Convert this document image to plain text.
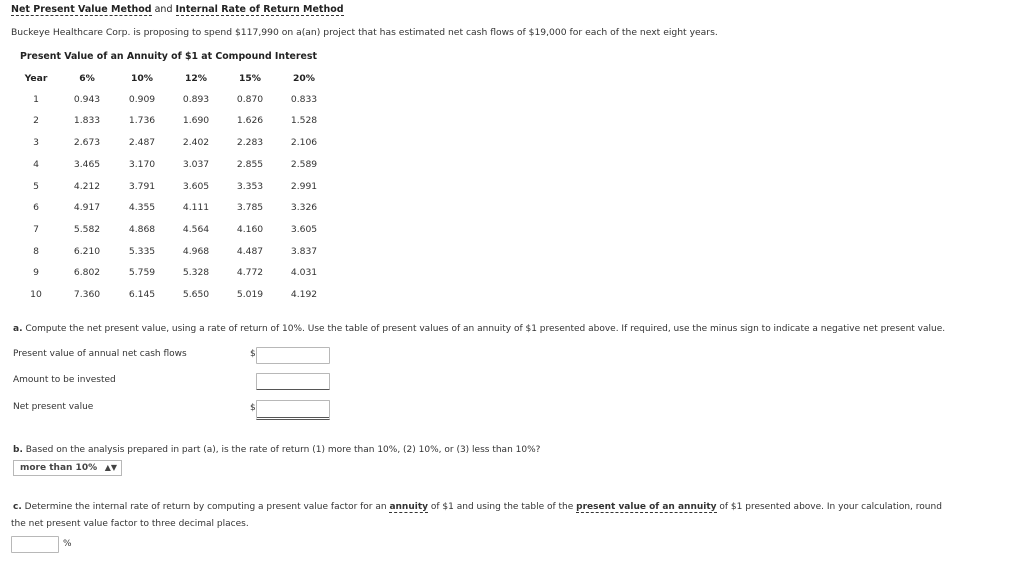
Net Present Value Method and Internal Rate of Return Method
Buckeye Healthcare Corp. is proposing to spend $117,990 on a(an) project that has estimated net cash flows of $19,000 for each of the next eight years.
Present Value of an Annuity of $1 at Compound Interest
Year	6%	10%	12%	15%	20%
1	0.943	0.909	0.893	0.870	0.833
2	1.833	1.736	1.690	1.626	1.528
3	2.673	2.487	2.402	2.283	2.106
4	3.465	3.170	3.037	2.855	2.589
5	4.212	3.791	3.605	3.353	2.991
6	4.917	4.355	4.111	3.785	3.326
7	5.582	4.868	4.564	4.160	3.605
8	6.210	5.335	4.968	4.487	3.837
9	6.802	5.759	5.328	4.772	4.031
10	7.360	6.145	5.650	5.019	4.192
a. Compute the net present value, using a rate of return of 10%. Use the table of present values of an annuity of $1 presented above. If required, use the minus sign to indicate a negative net present value.
Present value of annual net cash flows	$
Amount to be invested
Net present value	$
b. Based on the analysis prepared in part (a), is the rate of return (1) more than 10%, (2) 10%, or (3) less than 10%?
more than 10% ▲▼
c. Determine the internal rate of return by computing a present value factor for an annuity of $1 and using the table of the present value of an annuity of $1 presented above. In your calculation, round
the net present value factor to three decimal places.
%
